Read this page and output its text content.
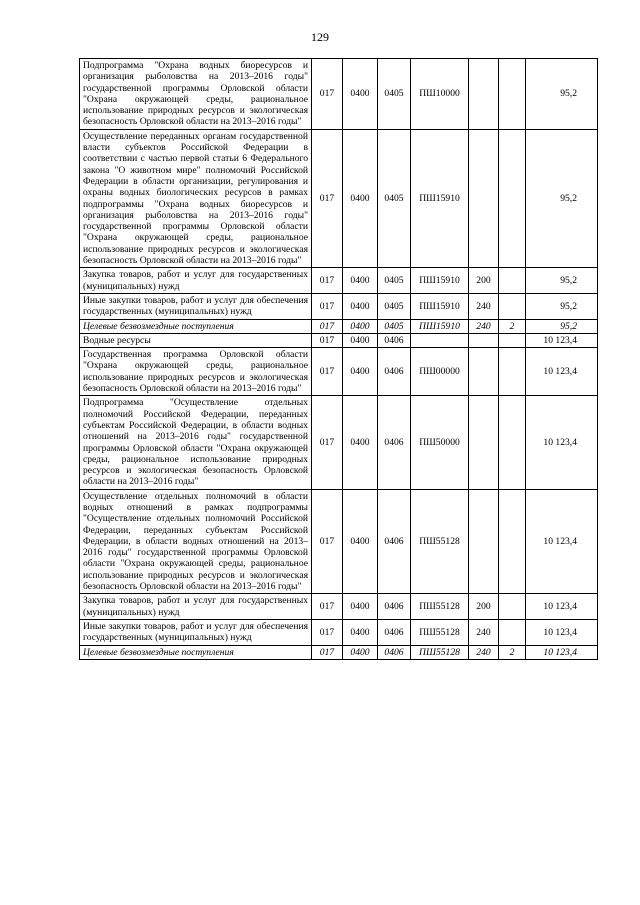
129
Подпрограмма "Охрана водных биоресурсов и организация рыболовства на 2013–2016 годы" государственной программы Орловской области "Охрана окружающей среды, рациональное использование природных ресурсов и экологическая безопасность Орловской области на 2013–2016 годы"	017	0400	0405	ПШ10000			95,2
Осуществление переданных органам государственной власти субъектов Российской Федерации в соответствии с частью первой статьи 6 Федерального закона "О животном мире" полномочий Российской Федерации в области организации, регулирования и охраны водных биологических ресурсов в рамках подпрограммы "Охрана водных биоресурсов и организация рыболовства на 2013–2016 годы" государственной программы Орловской области "Охрана окружающей среды, рациональное использование природных ресурсов и экологическая безопасность Орловской области на 2013–2016 годы"	017	0400	0405	ПШ15910			95,2
Закупка товаров, работ и услуг для государственных (муниципальных) нужд	017	0400	0405	ПШ15910	200		95,2
Иные закупки товаров, работ и услуг для обеспечения государственных (муниципальных) нужд	017	0400	0405	ПШ15910	240		95,2
Целевые безвозмездные поступления	017	0400	0405	ПШ15910	240	2	95,2
Водные ресурсы	017	0400	0406				10 123,4
Государственная программа Орловской области "Охрана окружающей среды, рациональное использование природных ресурсов и экологическая безопасность Орловской области на 2013–2016 годы"	017	0400	0406	ПШ00000			10 123,4
Подпрограмма "Осуществление отдельных полномочий Российской Федерации, переданных субъектам Российской Федерации, в области водных отношений на 2013–2016 годы" государственной программы Орловской области "Охрана окружающей среды, рациональное использование природных ресурсов и экологическая безопасность Орловской области на 2013–2016 годы"	017	0400	0406	ПШ50000			10 123,4
Осуществление отдельных полномочий в области водных отношений в рамках подпрограммы "Осуществление отдельных полномочий Российской Федерации, переданных субъектам Российской Федерации, в области водных отношений на 2013–2016 годы" государственной программы Орловской области "Охрана окружающей среды, рациональное использование природных ресурсов и экологическая безопасность Орловской области на 2013–2016 годы"	017	0400	0406	ПШ55128			10 123,4
Закупка товаров, работ и услуг для государственных (муниципальных) нужд	017	0400	0406	ПШ55128	200		10 123,4
Иные закупки товаров, работ и услуг для обеспечения государственных (муниципальных) нужд	017	0400	0406	ПШ55128	240		10 123,4
Целевые безвозмездные поступления	017	0400	0406	ПШ55128	240	2	10 123,4
